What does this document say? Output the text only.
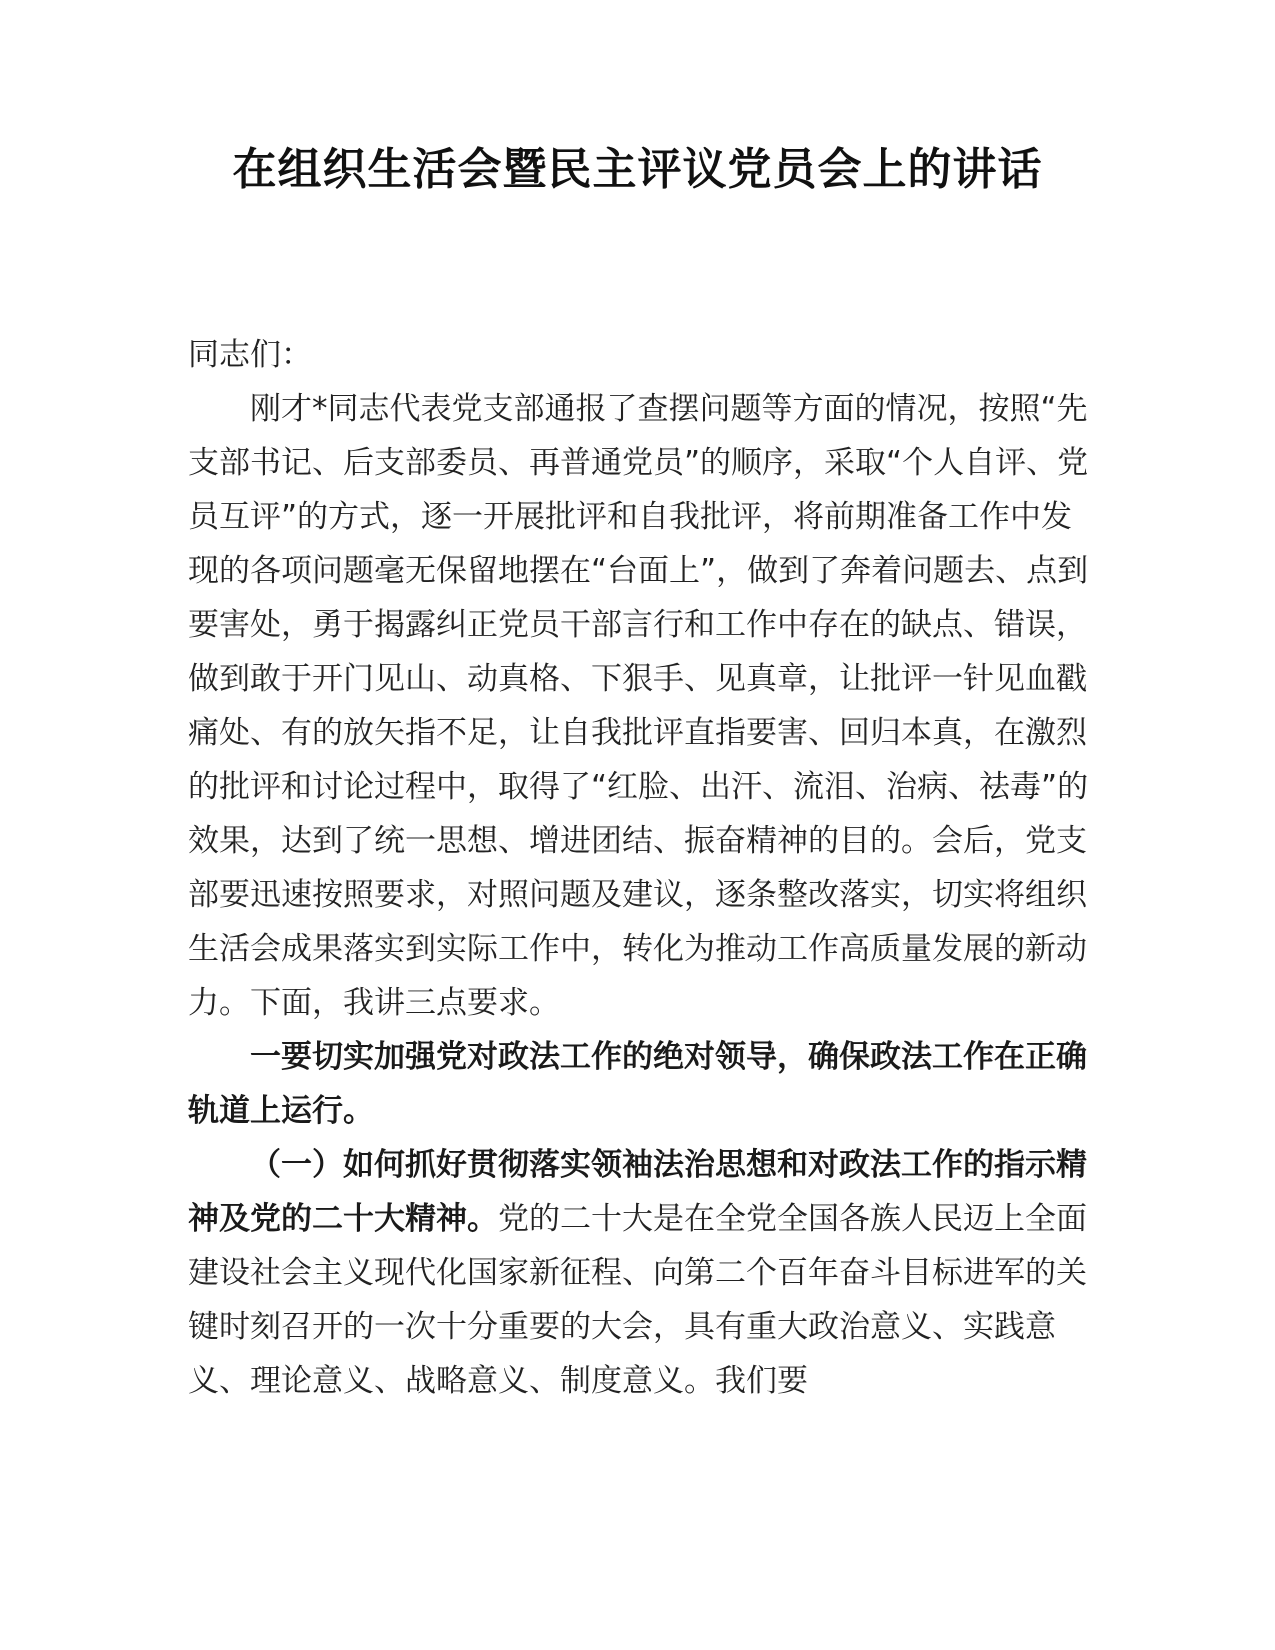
在组织生活会暨民主评议党员会上的讲话

同志们：

刚才*同志代表党支部通报了查摆问题等方面的情况，按照“先支部书记、后支部委员、再普通党员”的顺序，采取“个人自评、党员互评”的方式，逐一开展批评和自我批评，将前期准备工作中发现的各项问题毫无保留地摆在“台面上”，做到了奔着问题去、点到要害处，勇于揭露纠正党员干部言行和工作中存在的缺点、错误，做到敢于开门见山、动真格、下狠手、见真章，让批评一针见血戳痛处、有的放矢指不足，让自我批评直指要害、回归本真，在激烈的批评和讨论过程中，取得了“红脸、出汗、流泪、治病、祛毒”的效果，达到了统一思想、增进团结、振奋精神的目的。会后，党支部要迅速按照要求，对照问题及建议，逐条整改落实，切实将组织生活会成果落实到实际工作中，转化为推动工作高质量发展的新动力。下面，我讲三点要求。

一要切实加强党对政法工作的绝对领导，确保政法工作在正确轨道上运行。

（一）如何抓好贯彻落实领袖法治思想和对政法工作的指示精神及党的二十大精神。党的二十大是在全党全国各族人民迈上全面建设社会主义现代化国家新征程、向第二个百年奋斗目标进军的关键时刻召开的一次十分重要的大会，具有重大政治意义、实践意义、理论意义、战略意义、制度意义。我们要
